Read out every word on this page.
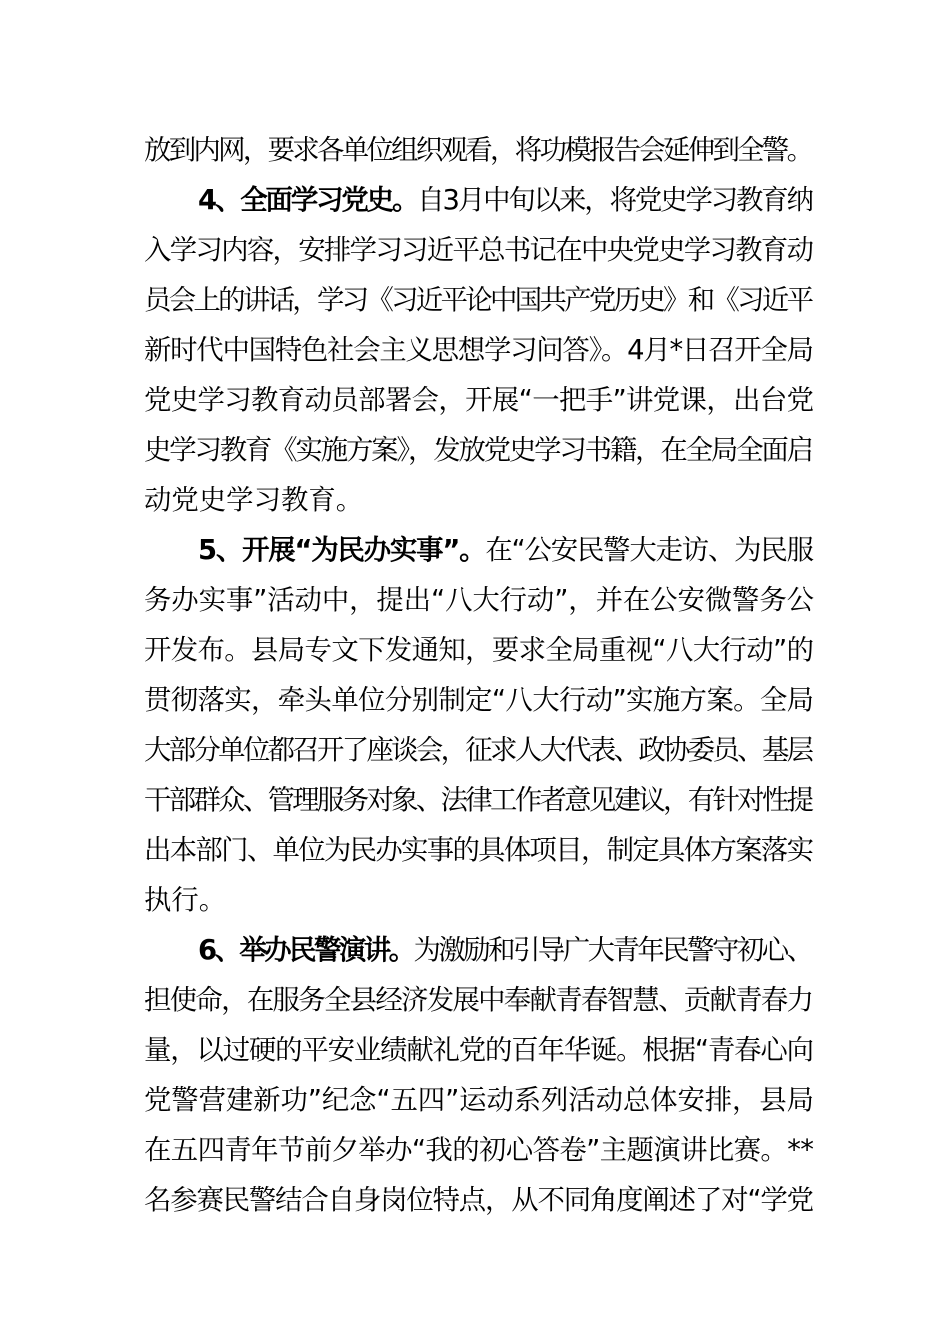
放到内网，要求各单位组织观看，将功模报告会延伸到全警。
4、全面学习党史。自3月中旬以来，将党史学习教育纳
入学习内容，安排学习习近平总书记在中央党史学习教育动
员会上的讲话，学习《习近平论中国共产党历史》和《习近平
新时代中国特色社会主义思想学习问答》。4月*日召开全局
党史学习教育动员部署会，开展“一把手”讲党课，出台党
史学习教育《实施方案》，发放党史学习书籍，在全局全面启
动党史学习教育。
5、开展“为民办实事”。在“公安民警大走访、为民服
务办实事”活动中，提出“八大行动”，并在公安微警务公
开发布。县局专文下发通知，要求全局重视“八大行动”的
贯彻落实，牵头单位分别制定“八大行动”实施方案。全局
大部分单位都召开了座谈会，征求人大代表、政协委员、基层
干部群众、管理服务对象、法律工作者意见建议，有针对性提
出本部门、单位为民办实事的具体项目，制定具体方案落实
执行。
6、举办民警演讲。为激励和引导广大青年民警守初心、
担使命，在服务全县经济发展中奉献青春智慧、贡献青春力
量，以过硬的平安业绩献礼党的百年华诞。根据“青春心向
党警营建新功”纪念“五四”运动系列活动总体安排，县局
在五四青年节前夕举办“我的初心答卷”主题演讲比赛。**
名参赛民警结合自身岗位特点，从不同角度阐述了对“学党
